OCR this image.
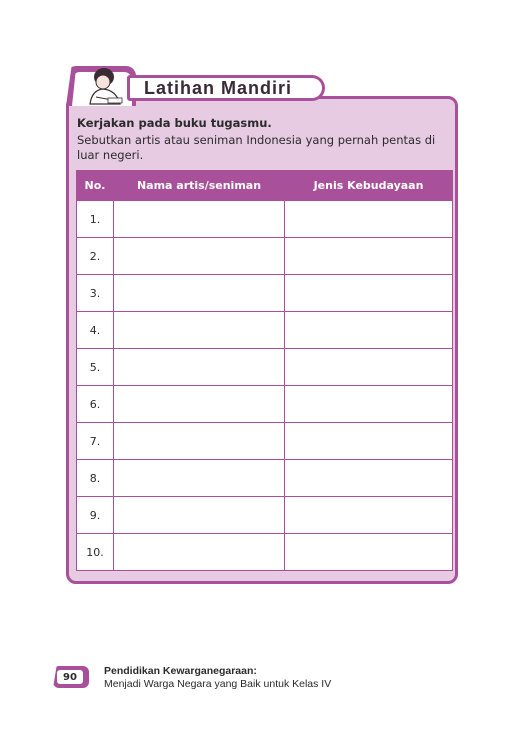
Latihan Mandiri
Kerjakan pada buku tugasmu.
Sebutkan artis atau seniman Indonesia yang pernah pentas di luar negeri.
No.	Nama artis/seniman	Jenis Kebudayaan
1.		
2.		
3.		
4.		
5.		
6.		
7.		
8.		
9.		
10.		
90	Pendidikan Kewarganegaraan:
Menjadi Warga Negara yang Baik untuk Kelas IV
